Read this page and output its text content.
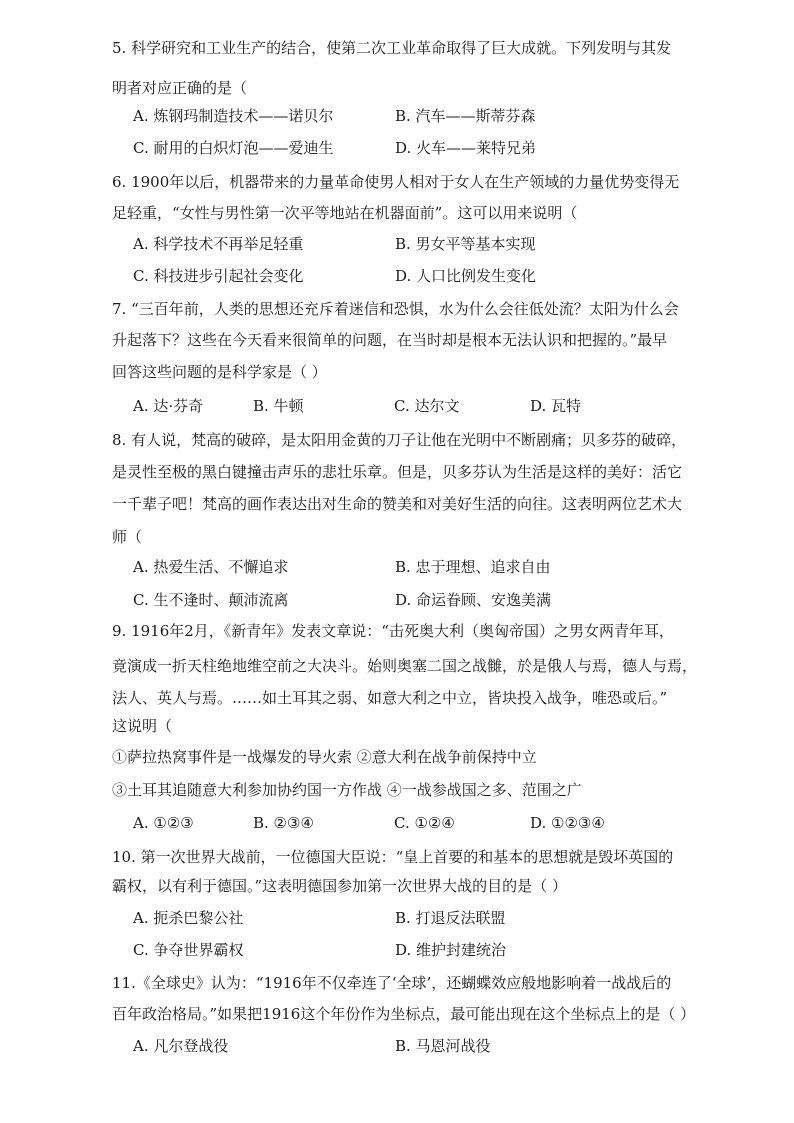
5. 科学研究和工业生产的结合，使第二次工业革命取得了巨大成就。下列发明与其发
明者对应正确的是（
A. 炼钢玛制造技术——诺贝尔	B. 汽车——斯蒂芬森
C. 耐用的白炽灯泡——爱迪生	D. 火车——莱特兄弟
6. 1900年以后，机器带来的力量革命使男人相对于女人在生产领域的力量优势变得无
足轻重，“女性与男性第一次平等地站在机器面前”。这可以用来说明（
A. 科学技术不再举足轻重	B. 男女平等基本实现
C. 科技进步引起社会变化	D. 人口比例发生变化
7. “三百年前，人类的思想还充斥着迷信和恐惧，水为什么会往低处流？太阳为什么会
升起落下？这些在今天看来很简单的问题，在当时却是根本无法认识和把握的。”最早
回答这些问题的是科学家是（ ）
A. 达·芬奇	B. 牛顿	C. 达尔文	D. 瓦特
8. 有人说，梵高的破碎，是太阳用金黄的刀子让他在光明中不断剧痛；贝多芬的破碎，
是灵性至极的黑白键撞击声乐的悲壮乐章。但是，贝多芬认为生活是这样的美好：活它
一千辈子吧！梵高的画作表达出对生命的赞美和对美好生活的向往。这表明两位艺术大
师（
A. 热爱生活、不懈追求	B. 忠于理想、追求自由
C. 生不逢时、颠沛流离	D. 命运眷顾、安逸美满
9. 1916年2月，《新青年》发表文章说：“击死奥大利（奥匈帝国）之男女两青年耳，
竟演成一折天柱绝地维空前之大决斗。始则奥塞二国之战雠，於是俄人与焉，德人与焉，
法人、英人与焉。……如土耳其之弱、如意大利之中立，皆块投入战争，唯恐或后。”
这说明（
①萨拉热窝事件是一战爆发的导火索 ②意大利在战争前保持中立
③土耳其追随意大利参加协约国一方作战 ④一战参战国之多、范围之广
A. ①②③	B. ②③④	C. ①②④	D. ①②③④
10. 第一次世界大战前，一位德国大臣说：“皇上首要的和基本的思想就是毁坏英国的
霸权，以有利于德国。”这表明德国参加第一次世界大战的目的是（ ）
A. 扼杀巴黎公社	B. 打退反法联盟
C. 争夺世界霸权	D. 维护封建统治
11.《全球史》认为：“1916年不仅牵连了‘全球’，还蝴蝶效应般地影响着一战战后的
百年政治格局。”如果把1916这个年份作为坐标点，最可能出现在这个坐标点上的是（ ）
A. 凡尔登战役	B. 马恩河战役
